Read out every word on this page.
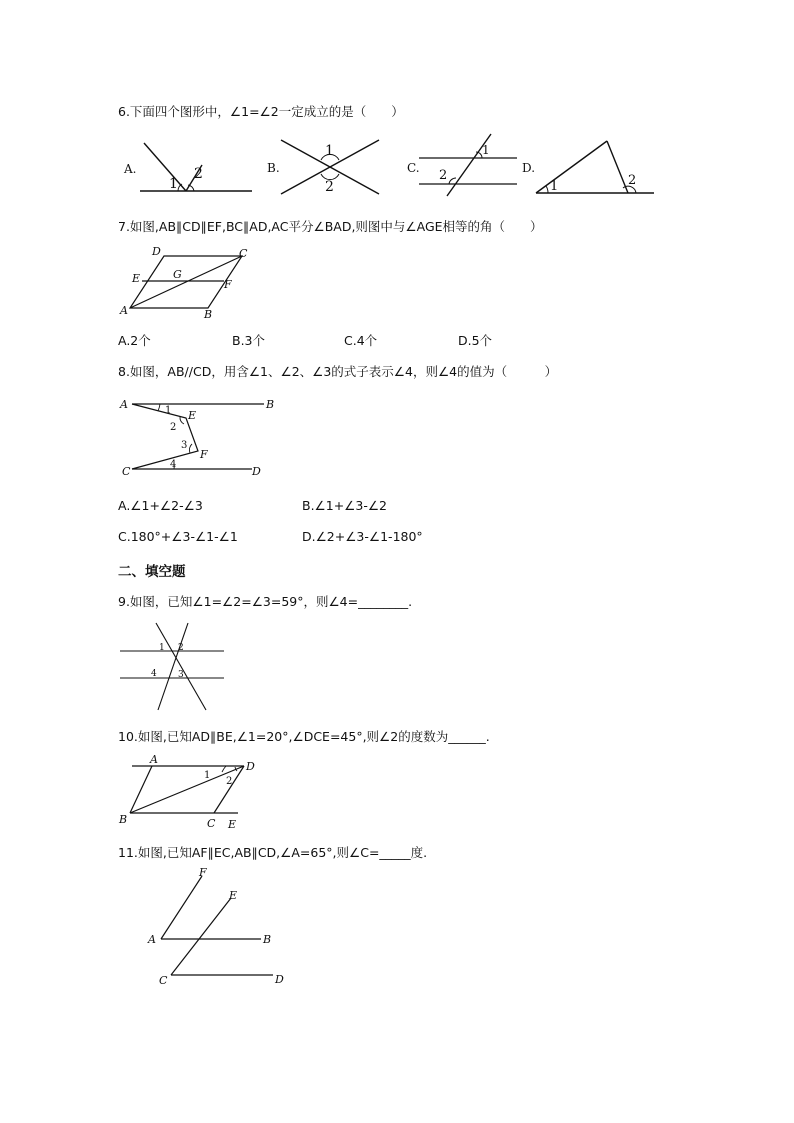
6.下面四个图形中，∠1=∠2一定成立的是（　　）
A.
1
2	B.
1
2
C.
1
2	D.
1	2
7.如图,AB∥CD∥EF,BC∥AD,AC平分∠BAD,则图中与∠AGE相等的角（　　）
D	C
E	G
F
A	B
A.2个	B.3个	C.4个	D.5个
8.如图，AB//CD，用含∠1、∠2、∠3的式子表示∠4，则∠4的值为（　　　）
A	B
E
F
C	D
1
2
3
4
A.∠1+∠2-∠3	B.∠1+∠3-∠2
C.180°+∠3-∠1-∠1	D.∠2+∠3-∠1-180°
二、填空题
9.如图，已知∠1=∠2=∠3=59°，则∠4=________.
1 2
4 3
10.如图,已知AD∥BE,∠1=20°,∠DCE=45°,则∠2的度数为______.
A
D
B	C E
1
2
11.如图,已知AF∥EC,AB∥CD,∠A=65°,则∠C=_____度.
F
E
A	B
C	D
